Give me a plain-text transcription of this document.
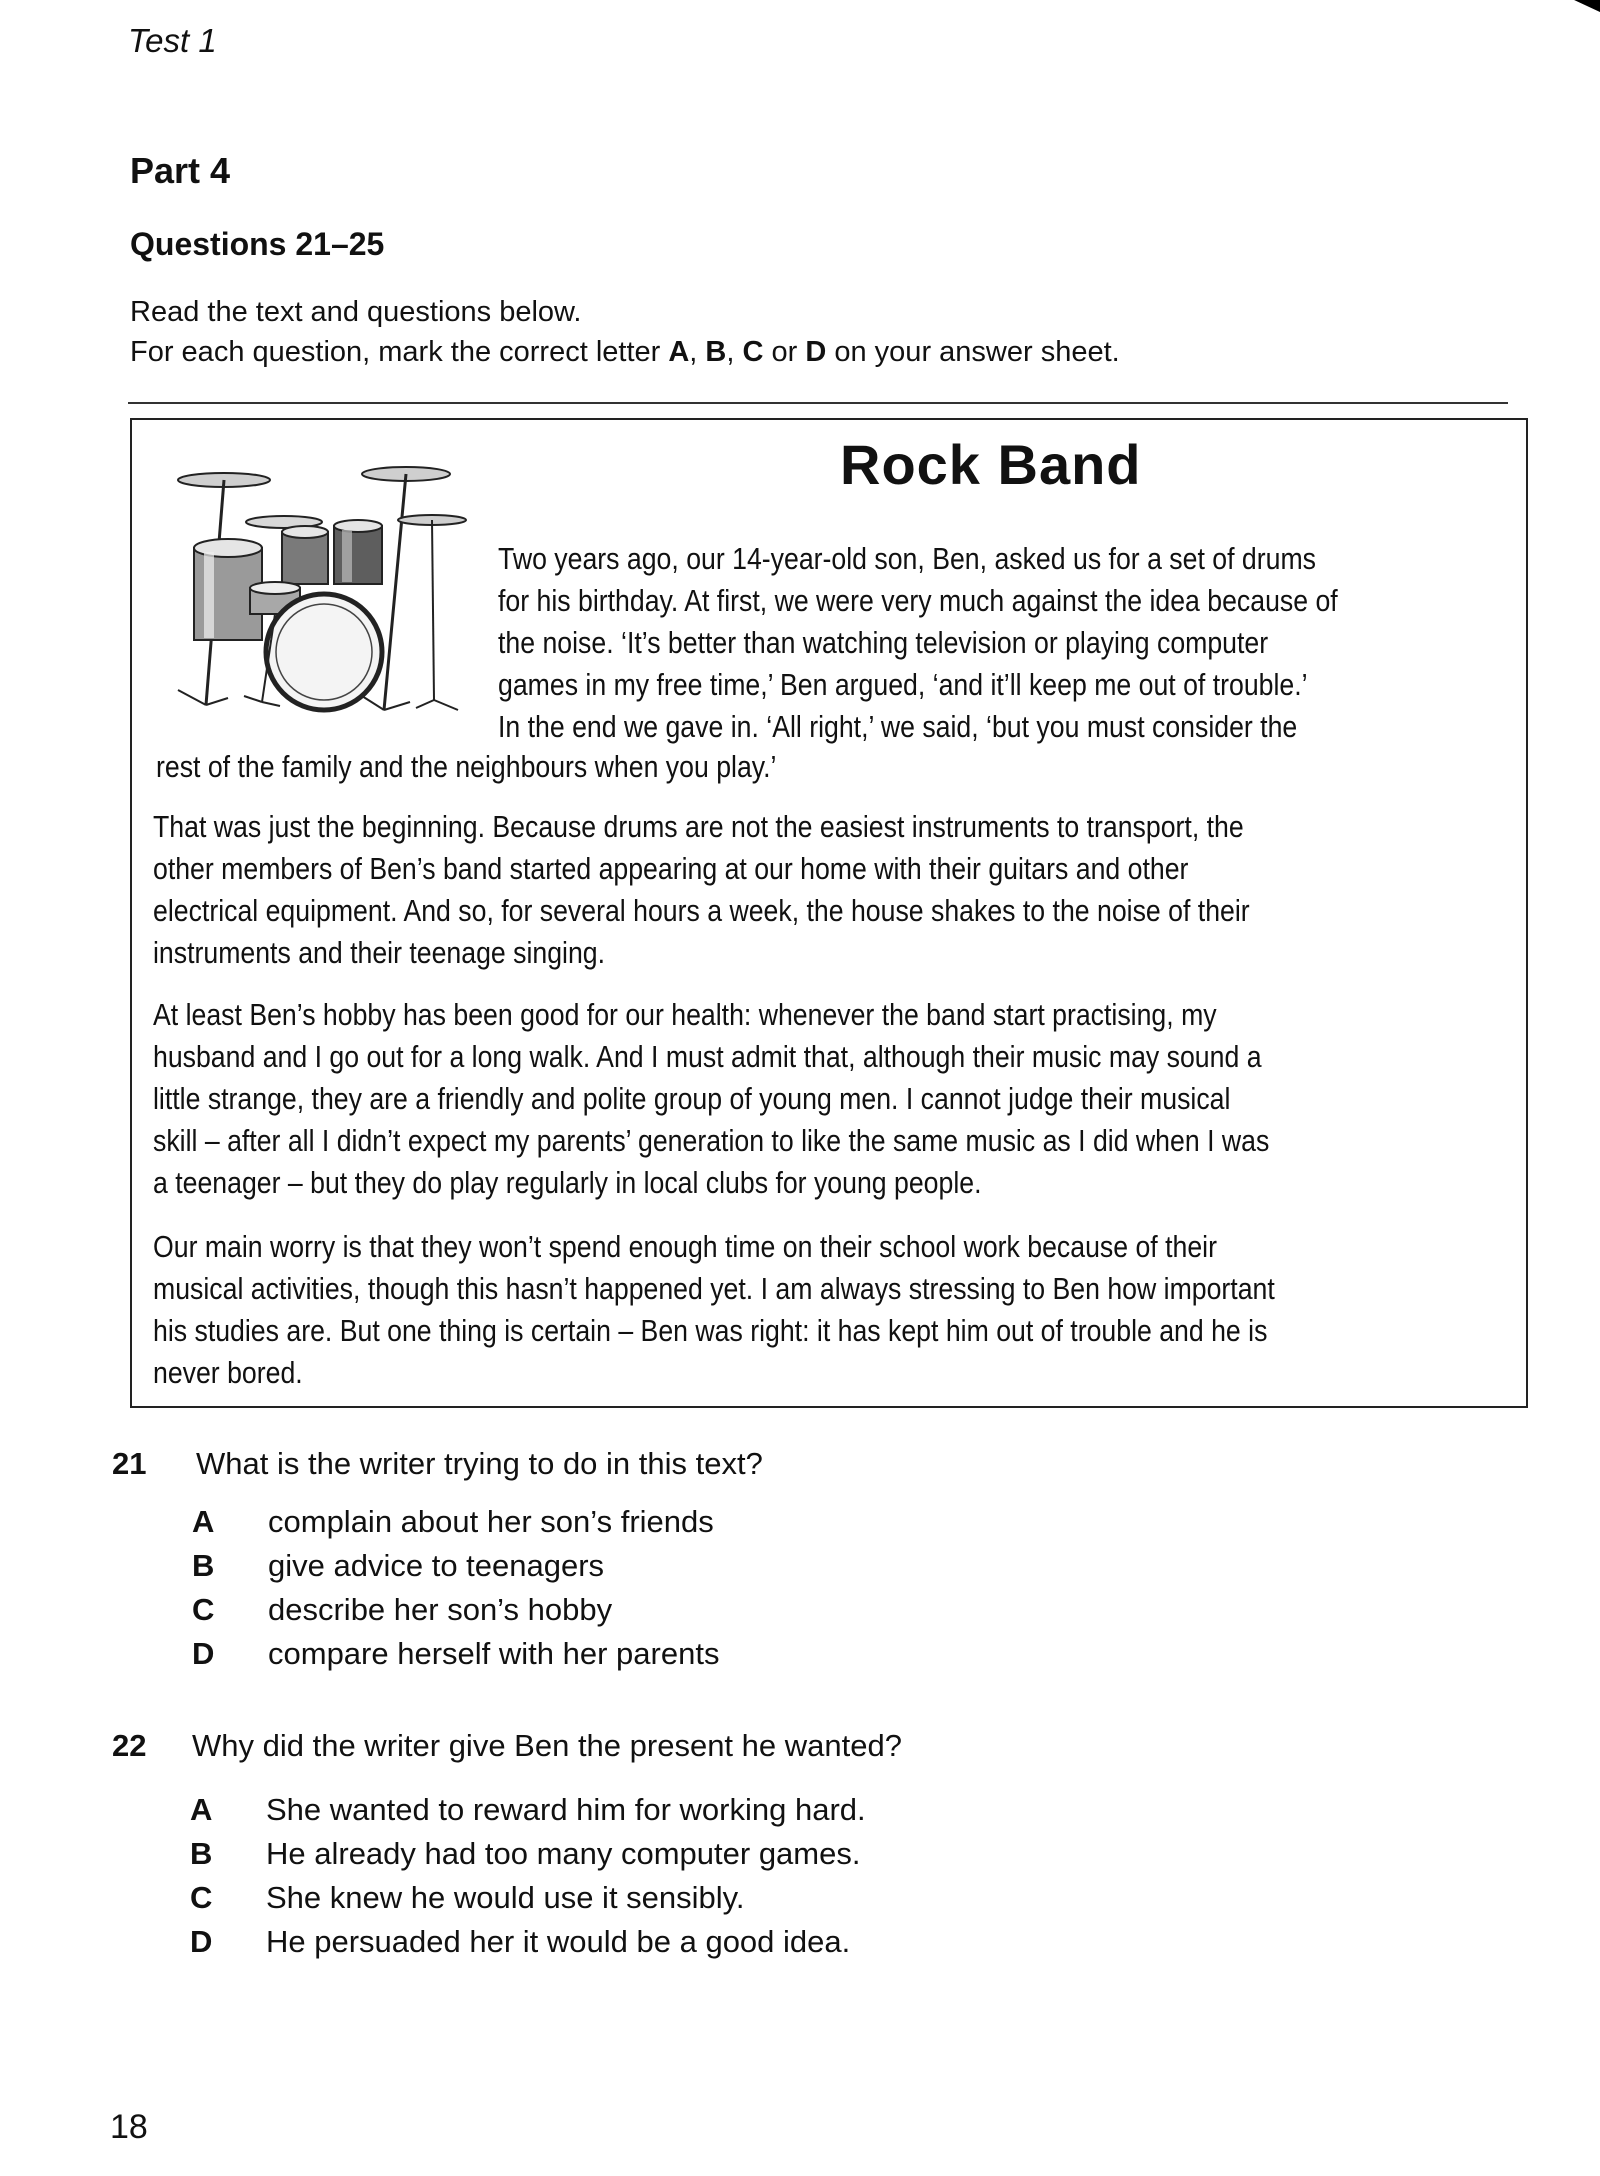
Test 1
Part 4
Questions 21–25
Read the text and questions below.
For each question, mark the correct letter A, B, C or D on your answer sheet.
Rock Band
Two years ago, our 14-year-old son, Ben, asked us for a set of drums
for his birthday. At first, we were very much against the idea because of
the noise. ‘It’s better than watching television or playing computer
games in my free time,’ Ben argued, ‘and it’ll keep me out of trouble.’
In the end we gave in. ‘All right,’ we said, ‘but you must consider the
rest of the family and the neighbours when you play.’
That was just the beginning. Because drums are not the easiest instruments to transport, the
other members of Ben’s band started appearing at our home with their guitars and other
electrical equipment. And so, for several hours a week, the house shakes to the noise of their
instruments and their teenage singing.
At least Ben’s hobby has been good for our health: whenever the band start practising, my
husband and I go out for a long walk. And I must admit that, although their music may sound a
little strange, they are a friendly and polite group of young men. I cannot judge their musical
skill – after all I didn’t expect my parents’ generation to like the same music as I did when I was
a teenager – but they do play regularly in local clubs for young people.
Our main worry is that they won’t spend enough time on their school work because of their
musical activities, though this hasn’t happened yet. I am always stressing to Ben how important
his studies are. But one thing is certain – Ben was right: it has kept him out of trouble and he is
never bored.
21 What is the writer trying to do in this text?
A complain about her son’s friends
B give advice to teenagers
C describe her son’s hobby
D compare herself with her parents
22 Why did the writer give Ben the present he wanted?
A She wanted to reward him for working hard.
B He already had too many computer games.
C She knew he would use it sensibly.
D He persuaded her it would be a good idea.
18
